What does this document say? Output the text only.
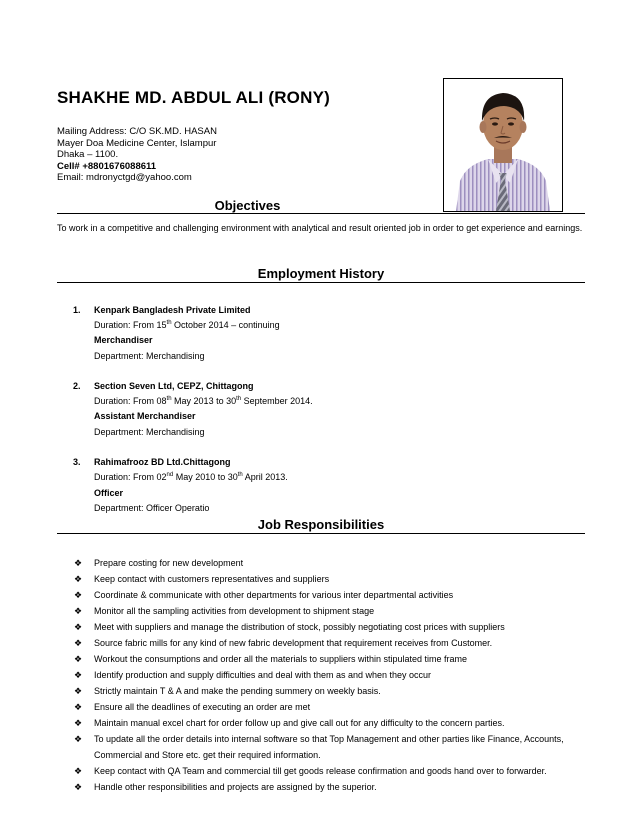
SHAKHE MD. ABDUL ALI (RONY)
Mailing Address: C/O SK.MD. HASAN
Mayer Doa Medicine Center, Islampur
Dhaka – 1100.
Cell# +8801676088611
Email: mdronyctgd@yahoo.com
Objectives
To work in a competitive and challenging environment with analytical and result oriented job in order to get experience and earnings.
Employment History
1. Kenpark Bangladesh Private Limited
Duration: From 15th October 2014 – continuing
Merchandiser
Department: Merchandising
2. Section Seven Ltd, CEPZ, Chittagong
Duration: From 08th May 2013 to 30th September 2014.
Assistant Merchandiser
Department: Merchandising
3. Rahimafrooz BD Ltd.Chittagong
Duration: From 02nd May 2010 to 30th April 2013.
Officer
Department: Officer Operatio
Job Responsibilities
❖ Prepare costing for new development
❖ Keep contact with customers representatives and suppliers
❖ Coordinate & communicate with other departments for various inter departmental activities
❖ Monitor all the sampling activities from development to shipment stage
❖ Meet with suppliers and manage the distribution of stock, possibly negotiating cost prices with suppliers
❖ Source fabric mills for any kind of new fabric development that requirement receives from Customer.
❖ Workout the consumptions and order all the materials to suppliers within stipulated time frame
❖ Identify production and supply difficulties and deal with them as and when they occur
❖ Strictly maintain T & A and make the pending summery on weekly basis.
❖ Ensure all the deadlines of executing an order are met
❖ Maintain manual excel chart for order follow up and give call out for any difficulty to the concern parties.
❖ To update all the order details into internal software so that Top Management and other parties like Finance, Accounts, Commercial and Store etc. get their required information.
❖ Keep contact with QA Team and commercial till get goods release confirmation and goods hand over to forwarder.
❖ Handle other responsibilities and projects are assigned by the superior.
